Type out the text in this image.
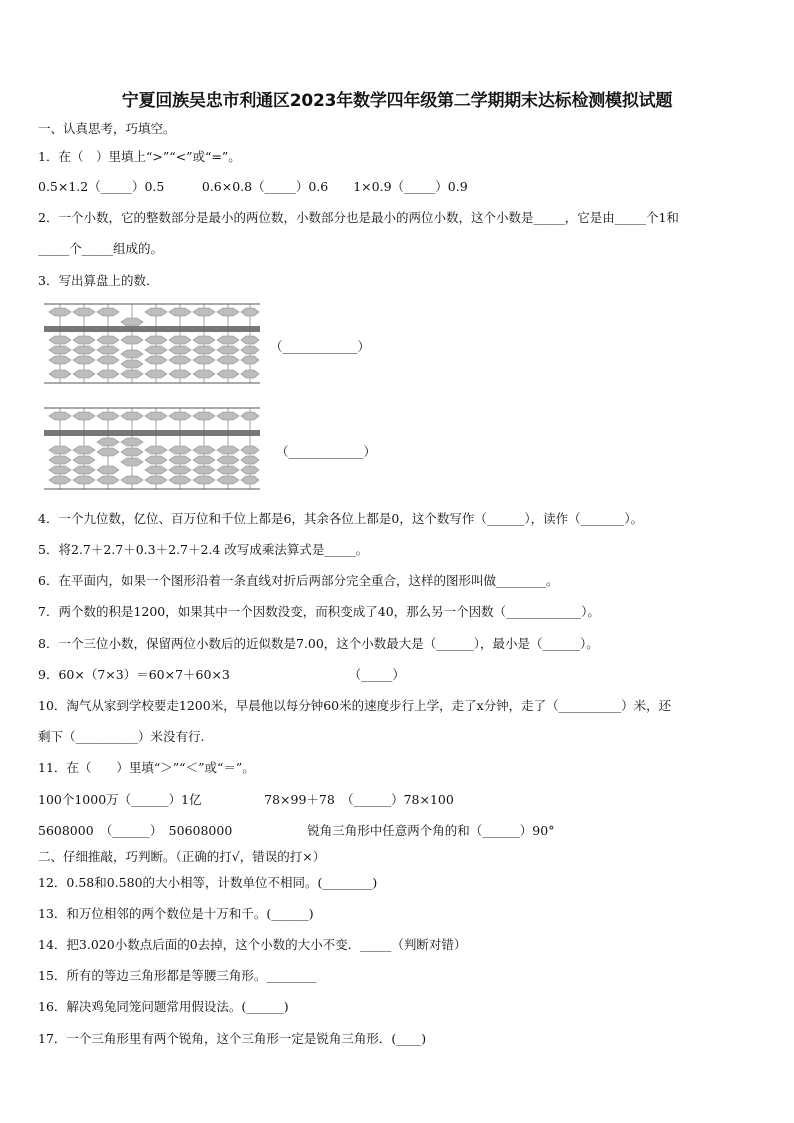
宁夏回族吴忠市利通区2023年数学四年级第二学期期末达标检测模拟试题
一、认真思考，巧填空。
1．在（　）里填上“>”“<”或“=”。
0.5×1.2（_____）0.5　　　0.6×0.8（_____）0.6　　1×0.9（_____）0.9
2．一个小数，它的整数部分是最小的两位数，小数部分也是最小的两位小数，这个小数是_____，它是由_____个1和
_____个_____组成的。
3．写出算盘上的数．
（____________）
（____________）
4．一个九位数，亿位、百万位和千位上都是6，其余各位上都是0，这个数写作（______），读作（_______）。
5．将2.7＋2.7＋0.3＋2.7＋2.4 改写成乘法算式是_____。
6．在平面内，如果一个图形沿着一条直线对折后两部分完全重合，这样的图形叫做________。
7．两个数的积是1200，如果其中一个因数没变，而积变成了40，那么另一个因数（____________）。
8．一个三位小数，保留两位小数后的近似数是7.00，这个小数最大是（______），最小是（______）。
9．60×（7×3）＝60×7＋60×3　　　　　　　　　　（_____）
10．淘气从家到学校要走1200米，早晨他以每分钟60米的速度步行上学，走了x分钟，走了（__________）米，还
剩下（__________）米没有行.
11．在（　　）里填“＞”“＜”或“＝”。
100个1000万（______）1亿　　　　　78×99＋78　（______）78×100
5608000　（______）　50608000　　　　　　锐角三角形中任意两个角的和（______）90°
二、仔细推敲，巧判断。（正确的打√，错误的打×）
12．0.58和0.580的大小相等，计数单位不相同。(________)
13．和万位相邻的两个数位是十万和千。(______)
14．把3.020小数点后面的0去掉，这个小数的大小不变．_____（判断对错）
15．所有的等边三角形都是等腰三角形。________
16．解决鸡兔同笼问题常用假设法。(______)
17．一个三角形里有两个锐角，这个三角形一定是锐角三角形．(____)
